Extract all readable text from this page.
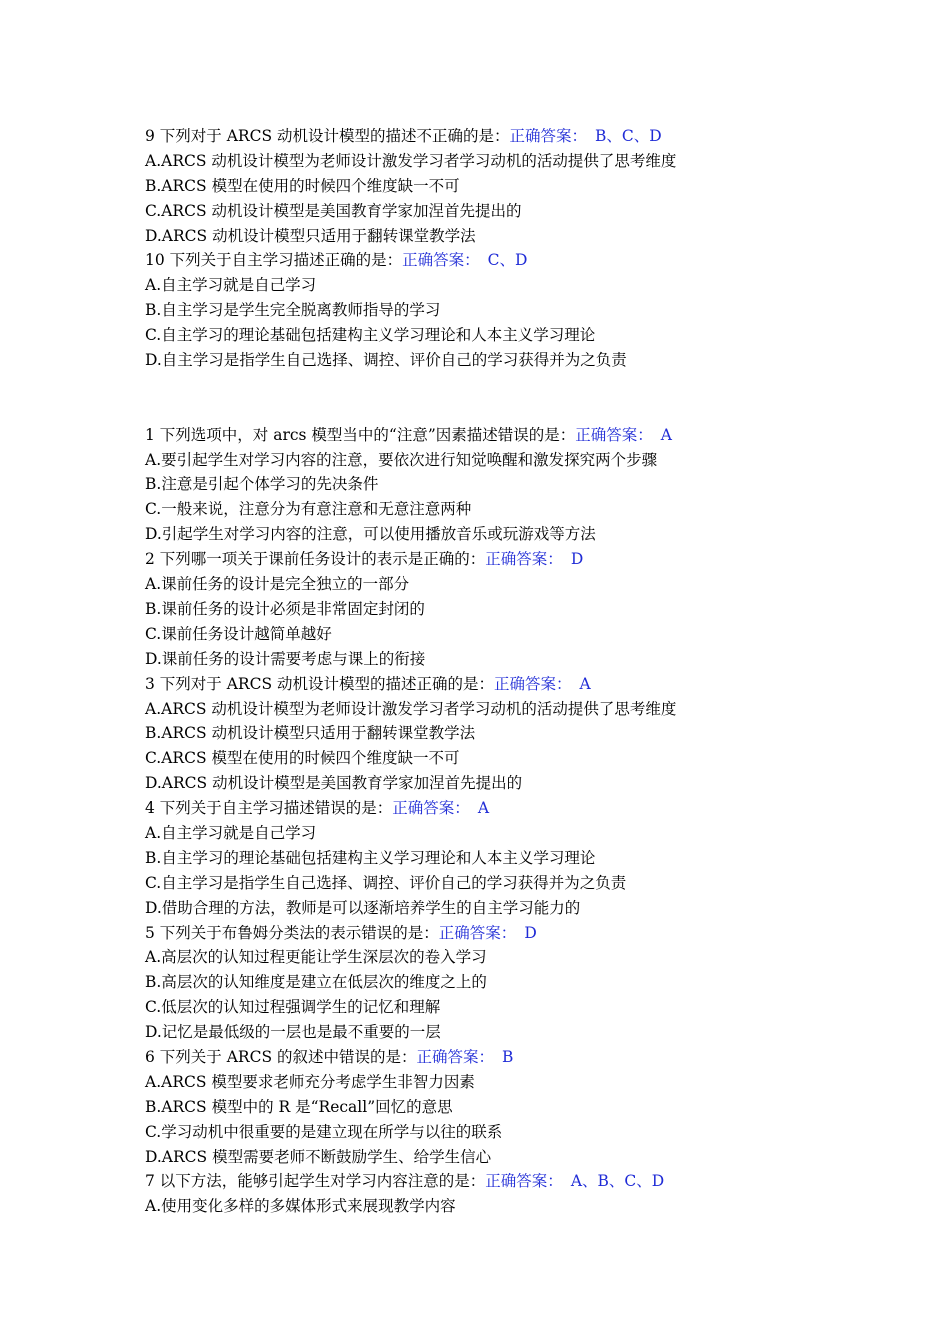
9 下列对于 ARCS 动机设计模型的描述不正确的是：正确答案： B、C、D
A.ARCS 动机设计模型为老师设计激发学习者学习动机的活动提供了思考维度
B.ARCS 模型在使用的时候四个维度缺一不可
C.ARCS 动机设计模型是美国教育学家加涅首先提出的
D.ARCS 动机设计模型只适用于翻转课堂教学法
10 下列关于自主学习描述正确的是：正确答案： C、D
A.自主学习就是自己学习
B.自主学习是学生完全脱离教师指导的学习
C.自主学习的理论基础包括建构主义学习理论和人本主义学习理论
D.自主学习是指学生自己选择、调控、评价自己的学习获得并为之负责
1 下列选项中，对 arcs 模型当中的“注意”因素描述错误的是：正确答案： A
A.要引起学生对学习内容的注意，要依次进行知觉唤醒和激发探究两个步骤
B.注意是引起个体学习的先决条件
C.一般来说，注意分为有意注意和无意注意两种
D.引起学生对学习内容的注意，可以使用播放音乐或玩游戏等方法
2 下列哪一项关于课前任务设计的表示是正确的：正确答案： D
A.课前任务的设计是完全独立的一部分
B.课前任务的设计必须是非常固定封闭的
C.课前任务设计越简单越好
D.课前任务的设计需要考虑与课上的衔接
3 下列对于 ARCS 动机设计模型的描述正确的是：正确答案： A
A.ARCS 动机设计模型为老师设计激发学习者学习动机的活动提供了思考维度
B.ARCS 动机设计模型只适用于翻转课堂教学法
C.ARCS 模型在使用的时候四个维度缺一不可
D.ARCS 动机设计模型是美国教育学家加涅首先提出的
4 下列关于自主学习描述错误的是：正确答案： A
A.自主学习就是自己学习
B.自主学习的理论基础包括建构主义学习理论和人本主义学习理论
C.自主学习是指学生自己选择、调控、评价自己的学习获得并为之负责
D.借助合理的方法，教师是可以逐渐培养学生的自主学习能力的
5 下列关于布鲁姆分类法的表示错误的是：正确答案： D
A.高层次的认知过程更能让学生深层次的卷入学习
B.高层次的认知维度是建立在低层次的维度之上的
C.低层次的认知过程强调学生的记忆和理解
D.记忆是最低级的一层也是最不重要的一层
6 下列关于 ARCS 的叙述中错误的是：正确答案： B
A.ARCS 模型要求老师充分考虑学生非智力因素
B.ARCS 模型中的 R 是“Recall”回忆的意思
C.学习动机中很重要的是建立现在所学与以往的联系
D.ARCS 模型需要老师不断鼓励学生、给学生信心
7 以下方法，能够引起学生对学习内容注意的是：正确答案： A、B、C、D
A.使用变化多样的多媒体形式来展现教学内容
